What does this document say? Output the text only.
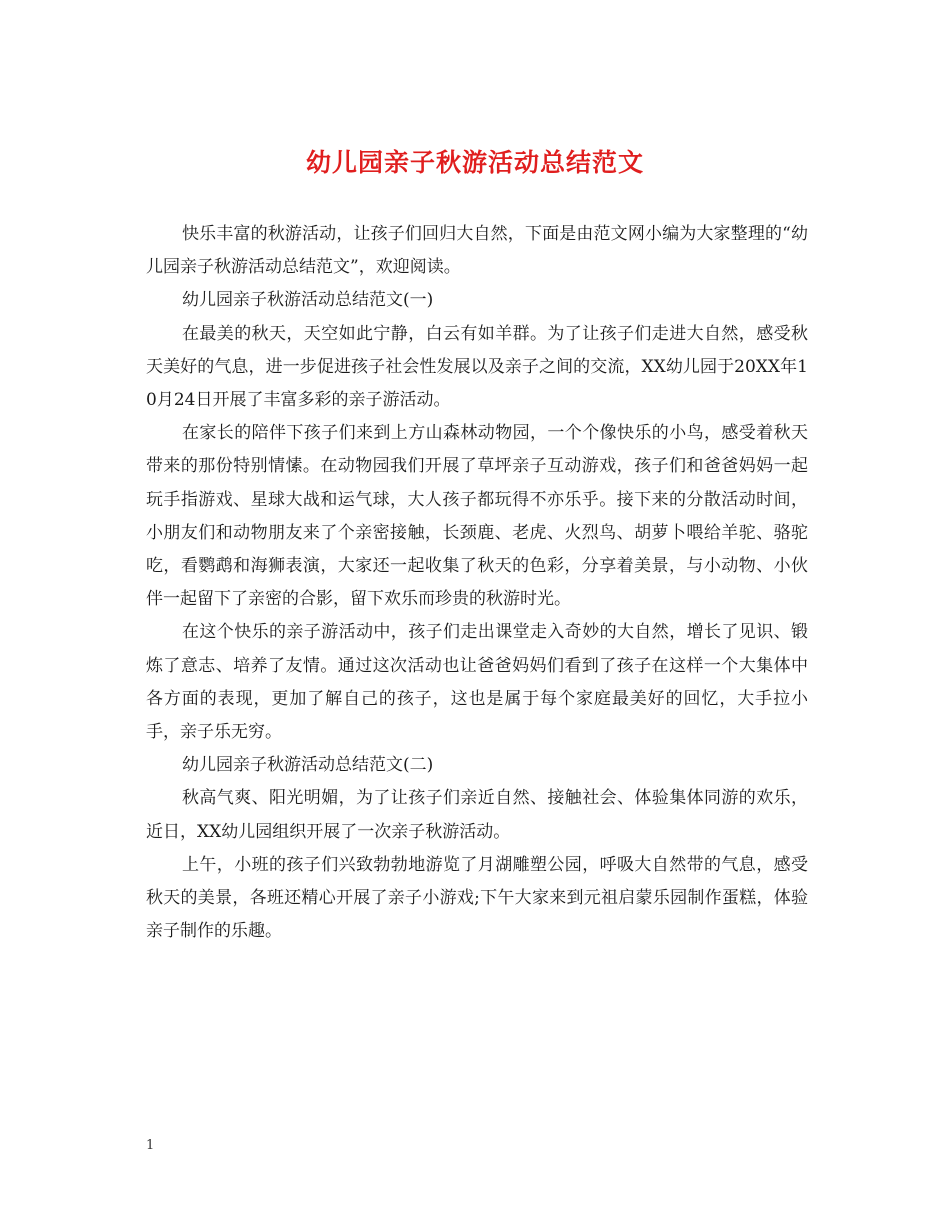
幼儿园亲子秋游活动总结范文

快乐丰富的秋游活动，让孩子们回归大自然，下面是由范文网小编为大家整理的“幼儿园亲子秋游活动总结范文”，欢迎阅读。

幼儿园亲子秋游活动总结范文(一)

在最美的秋天，天空如此宁静，白云有如羊群。为了让孩子们走进大自然，感受秋天美好的气息，进一步促进孩子社会性发展以及亲子之间的交流，XX幼儿园于20XX年10月24日开展了丰富多彩的亲子游活动。

在家长的陪伴下孩子们来到上方山森林动物园，一个个像快乐的小鸟，感受着秋天带来的那份特别情愫。在动物园我们开展了草坪亲子互动游戏，孩子们和爸爸妈妈一起玩手指游戏、星球大战和运气球，大人孩子都玩得不亦乐乎。接下来的分散活动时间，小朋友们和动物朋友来了个亲密接触，长颈鹿、老虎、火烈鸟、胡萝卜喂给羊驼、骆驼吃，看鹦鹉和海狮表演，大家还一起收集了秋天的色彩，分享着美景，与小动物、小伙伴一起留下了亲密的合影，留下欢乐而珍贵的秋游时光。

在这个快乐的亲子游活动中，孩子们走出课堂走入奇妙的大自然，增长了见识、锻炼了意志、培养了友情。通过这次活动也让爸爸妈妈们看到了孩子在这样一个大集体中各方面的表现，更加了解自己的孩子，这也是属于每个家庭最美好的回忆，大手拉小手，亲子乐无穷。

幼儿园亲子秋游活动总结范文(二)

秋高气爽、阳光明媚，为了让孩子们亲近自然、接触社会、体验集体同游的欢乐，近日，XX幼儿园组织开展了一次亲子秋游活动。

上午，小班的孩子们兴致勃勃地游览了月湖雕塑公园，呼吸大自然带的气息，感受秋天的美景，各班还精心开展了亲子小游戏;下午大家来到元祖启蒙乐园制作蛋糕，体验亲子制作的乐趣。

1
